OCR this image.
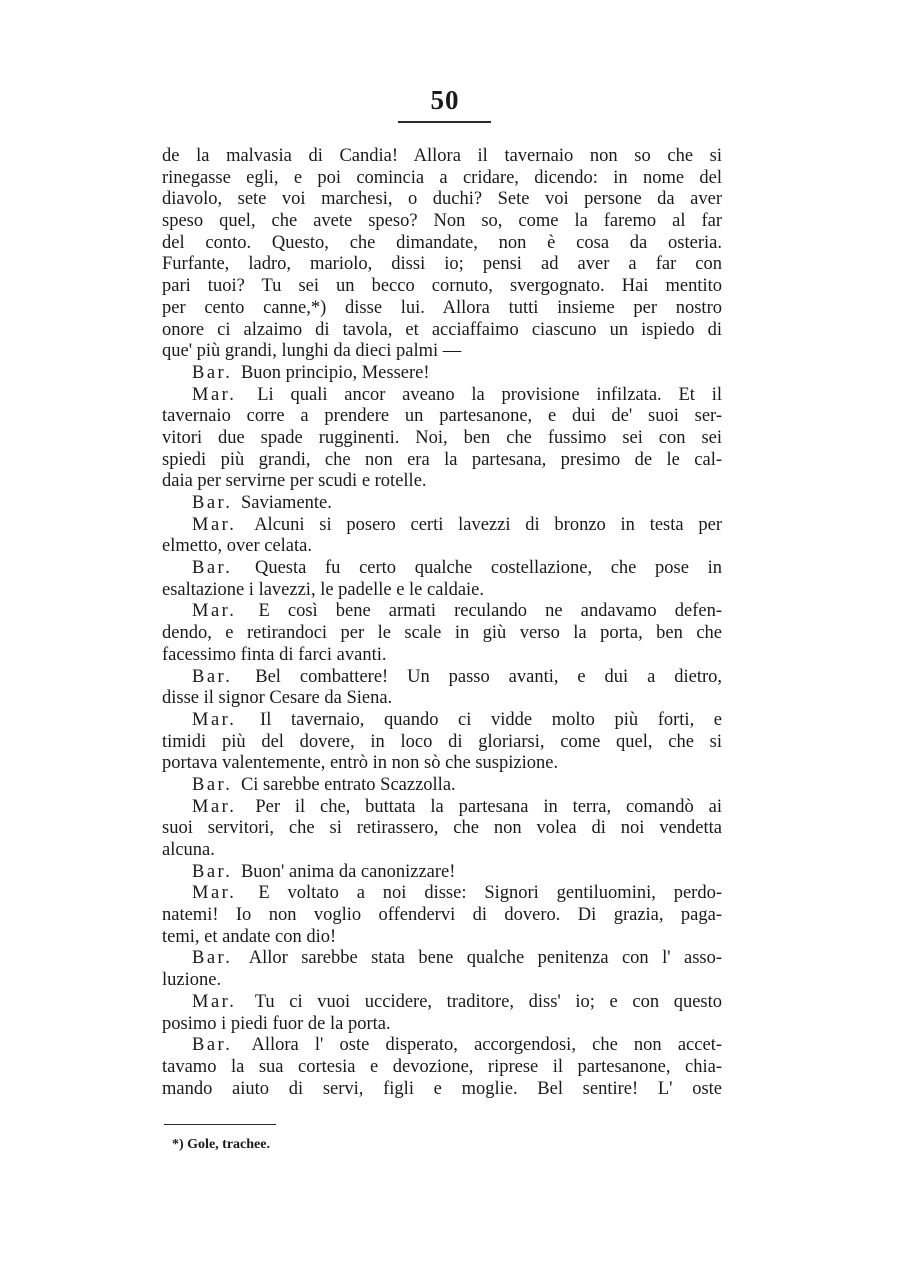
50
de la malvasia di Candia! Allora il tavernaio non so che si
rinegasse egli, e poi comincia a cridare, dicendo: in nome del
diavolo, sete voi marchesi, o duchi? Sete voi persone da aver
speso quel, che avete speso? Non so, come la faremo al far
del conto. Questo, che dimandate, non è cosa da osteria.
Furfante, ladro, mariolo, dissi io; pensi ad aver a far con
pari tuoi? Tu sei un becco cornuto, svergognato. Hai mentito
per cento canne,*) disse lui. Allora tutti insieme per nostro
onore ci alzaimo di tavola, et acciaffaimo ciascuno un ispiedo di
que' più grandi, lunghi da dieci palmi —
Bar. Buon principio, Messere!
Mar. Li quali ancor aveano la provisione infilzata. Et il
tavernaio corre a prendere un partesanone, e dui de' suoi ser-
vitori due spade rugginenti. Noi, ben che fussimo sei con sei
spiedi più grandi, che non era la partesana, presimo de le cal-
daia per servirne per scudi e rotelle.
Bar. Saviamente.
Mar. Alcuni si posero certi lavezzi di bronzo in testa per
elmetto, over celata.
Bar. Questa fu certo qualche costellazione, che pose in
esaltazione i lavezzi, le padelle e le caldaie.
Mar. E così bene armati reculando ne andavamo defen-
dendo, e retirandoci per le scale in giù verso la porta, ben che
facessimo finta di farci avanti.
Bar. Bel combattere! Un passo avanti, e dui a dietro,
disse il signor Cesare da Siena.
Mar. Il tavernaio, quando ci vidde molto più forti, e
timidi più del dovere, in loco di gloriarsi, come quel, che si
portava valentemente, entrò in non sò che suspizione.
Bar. Ci sarebbe entrato Scazzolla.
Mar. Per il che, buttata la partesana in terra, comandò ai
suoi servitori, che si retirassero, che non volea di noi vendetta
alcuna.
Bar. Buon' anima da canonizzare!
Mar. E voltato a noi disse: Signori gentiluomini, perdo-
natemi! Io non voglio offendervi di dovero. Di grazia, paga-
temi, et andate con dio!
Bar. Allor sarebbe stata bene qualche penitenza con l' asso-
luzione.
Mar. Tu ci vuoi uccidere, traditore, diss' io; e con questo
posimo i piedi fuor de la porta.
Bar. Allora l' oste disperato, accorgendosi, che non accet-
tavamo la sua cortesia e devozione, riprese il partesanone, chia-
mando aiuto di servi, figli e moglie. Bel sentire! L' oste
*) Gole, trachee.
